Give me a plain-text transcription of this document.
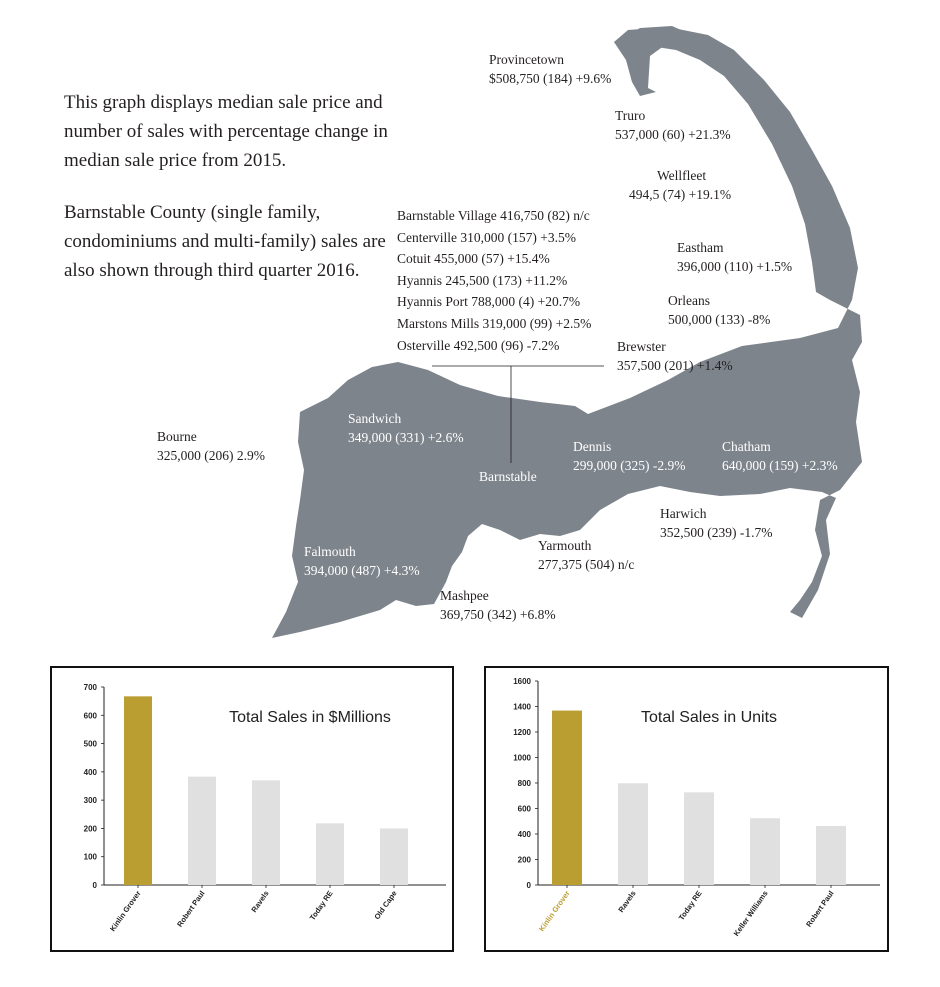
This graph displays median sale price and number of sales with percentage change in median sale price from 2015.

Barnstable County (single family, condominiums and multi-family) sales are also shown through third quarter 2016.

Provincetown
$508,750 (184) +9.6%
Truro
537,000 (60) +21.3%
Wellfleet
494,5 (74) +19.1%
Eastham
396,000 (110) +1.5%
Orleans
500,000 (133) -8%
Brewster
357,500 (201) +1.4%
Chatham
640,000 (159) +2.3%
Harwich
352,500 (239) -1.7%
Dennis
299,000 (325) -2.9%
Yarmouth
277,375 (504) n/c
Mashpee
369,750 (342) +6.8%
Falmouth
394,000 (487) +4.3%
Sandwich
349,000 (331) +2.6%
Bourne
325,000 (206) 2.9%
Barnstable
Barnstable Village 416,750 (82) n/c
Centerville 310,000 (157) +3.5%
Cotuit 455,000 (57) +15.4%
Hyannis 245,500 (173) +11.2%
Hyannis Port 788,000 (4) +20.7%
Marstons Mills 319,000 (99) +2.5%
Osterville 492,500 (96) -7.2%
Total Sales in $Millions
0
100
200
300
400
500
600
700
Kinlin Grover	Robert Paul	Ravels	Today RE	Old Cape
Total Sales in Units
0
200
400
600
800
1000
1200
1400
1600
Kinlin Grover	Ravels	Today RE	Keller Williams	Robert Paul
